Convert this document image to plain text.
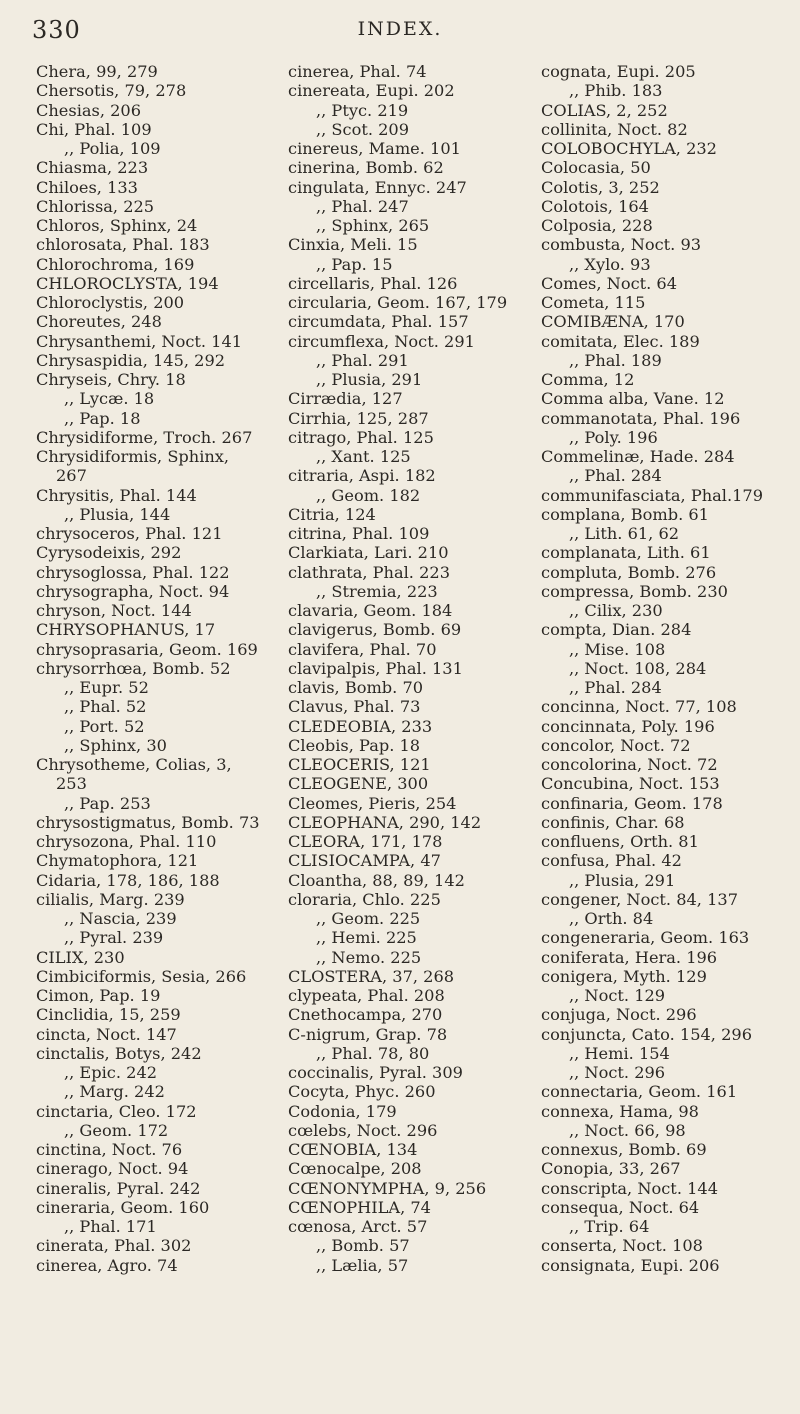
330	INDEX.
Chera, 99, 279
Chersotis, 79, 278
Chesias, 206
Chi, Phal. 109
,, Polia, 109
Chiasma, 223
Chiloes, 133
Chlorissa, 225
Chloros, Sphinx, 24
chlorosata, Phal. 183
Chlorochroma, 169
CHLOROCLYSTA, 194
Chloroclystis, 200
Choreutes, 248
Chrysanthemi, Noct. 141
Chrysaspidia, 145, 292
Chryseis, Chry. 18
,, Lycæ. 18
,, Pap. 18
Chrysidiforme, Troch. 267
Chrysidiformis, Sphinx,
267
Chrysitis, Phal. 144
,, Plusia, 144
chrysoceros, Phal. 121
Cyrysodeixis, 292
chrysoglossa, Phal. 122
chrysographa, Noct. 94
chryson, Noct. 144
CHRYSOPHANUS, 17
chrysoprasaria, Geom. 169
chrysorrhœa, Bomb. 52
,, Eupr. 52
,, Phal. 52
,, Port. 52
,, Sphinx, 30
Chrysotheme, Colias, 3,
253
,, Pap. 253
chrysostigmatus, Bomb. 73
chrysozona, Phal. 110
Chymatophora, 121
Cidaria, 178, 186, 188
cilialis, Marg. 239
,, Nascia, 239
,, Pyral. 239
CILIX, 230
Cimbiciformis, Sesia, 266
Cimon, Pap. 19
Cinclidia, 15, 259
cincta, Noct. 147
cinctalis, Botys, 242
,, Epic. 242
,, Marg. 242
cinctaria, Cleo. 172
,, Geom. 172
cinctina, Noct. 76
cinerago, Noct. 94
cineralis, Pyral. 242
cineraria, Geom. 160
,, Phal. 171
cinerata, Phal. 302
cinerea, Agro. 74
cinerea, Phal. 74
cinereata, Eupi. 202
,, Ptyc. 219
,, Scot. 209
cinereus, Mame. 101
cinerina, Bomb. 62
cingulata, Ennyc. 247
,, Phal. 247
,, Sphinx, 265
Cinxia, Meli. 15
,, Pap. 15
circellaris, Phal. 126
circularia, Geom. 167, 179
circumdata, Phal. 157
circumflexa, Noct. 291
,, Phal. 291
,, Plusia, 291
Cirrædia, 127
Cirrhia, 125, 287
citrago, Phal. 125
,, Xant. 125
citraria, Aspi. 182
,, Geom. 182
Citria, 124
citrina, Phal. 109
Clarkiata, Lari. 210
clathrata, Phal. 223
,, Stremia, 223
clavaria, Geom. 184
clavigerus, Bomb. 69
clavifera, Phal. 70
clavipalpis, Phal. 131
clavis, Bomb. 70
Clavus, Phal. 73
CLEDEOBIA, 233
Cleobis, Pap. 18
CLEOCERIS, 121
CLEOGENE, 300
Cleomes, Pieris, 254
CLEOPHANA, 290, 142
CLEORA, 171, 178
CLISIOCAMPA, 47
Cloantha, 88, 89, 142
cloraria, Chlo. 225
,, Geom. 225
,, Hemi. 225
,, Nemo. 225
CLOSTERA, 37, 268
clypeata, Phal. 208
Cnethocampa, 270
C-nigrum, Grap. 78
,, Phal. 78, 80
coccinalis, Pyral. 309
Cocyta, Phyc. 260
Codonia, 179
cœlebs, Noct. 296
CŒNOBIA, 134
Cœnocalpe, 208
CŒNONYMPHA, 9, 256
CŒNOPHILA, 74
cœnosa, Arct. 57
,, Bomb. 57
,, Lælia, 57
cognata, Eupi. 205
,, Phib. 183
COLIAS, 2, 252
collinita, Noct. 82
COLOBOCHYLA, 232
Colocasia, 50
Colotis, 3, 252
Colotois, 164
Colposia, 228
combusta, Noct. 93
,, Xylo. 93
Comes, Noct. 64
Cometa, 115
COMIBÆNA, 170
comitata, Elec. 189
,, Phal. 189
Comma, 12
Comma alba, Vane. 12
commanotata, Phal. 196
,, Poly. 196
Commelinæ, Hade. 284
,, Phal. 284
communifasciata, Phal.179
complana, Bomb. 61
,, Lith. 61, 62
complanata, Lith. 61
compluta, Bomb. 276
compressa, Bomb. 230
,, Cilix, 230
compta, Dian. 284
,, Mise. 108
,, Noct. 108, 284
,, Phal. 284
concinna, Noct. 77, 108
concinnata, Poly. 196
concolor, Noct. 72
concolorina, Noct. 72
Concubina, Noct. 153
confinaria, Geom. 178
confinis, Char. 68
confluens, Orth. 81
confusa, Phal. 42
,, Plusia, 291
congener, Noct. 84, 137
,, Orth. 84
congeneraria, Geom. 163
coniferata, Hera. 196
conigera, Myth. 129
,, Noct. 129
conjuga, Noct. 296
conjuncta, Cato. 154, 296
,, Hemi. 154
,, Noct. 296
connectaria, Geom. 161
connexa, Hama, 98
,, Noct. 66, 98
connexus, Bomb. 69
Conopia, 33, 267
conscripta, Noct. 144
consequa, Noct. 64
,, Trip. 64
conserta, Noct. 108
consignata, Eupi. 206
